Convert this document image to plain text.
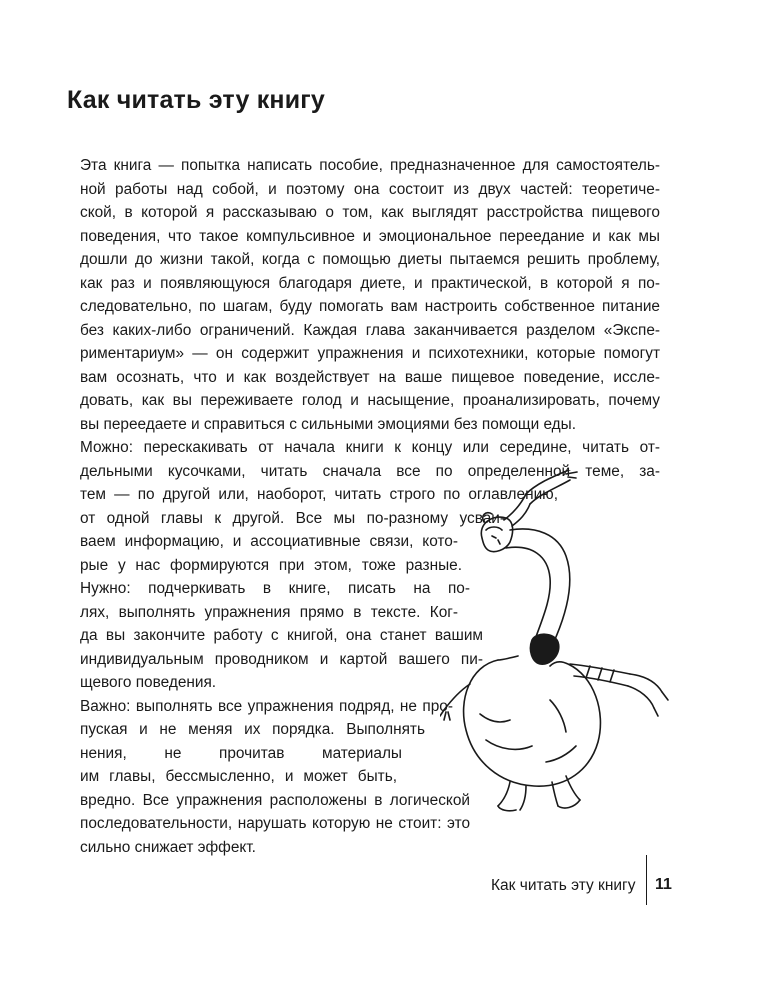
Как читать эту книгу
Эта книга — попытка написать пособие, предназначенное для самостоятель-
ной работы над собой, и поэтому она состоит из двух частей: теоретиче-
ской, в которой я рассказываю о том, как выглядят расстройства пищевого
поведения, что такое компульсивное и эмоциональное переедание и как мы
дошли до жизни такой, когда с помощью диеты пытаемся решить проблему,
как раз и появляющуюся благодаря диете, и практической, в которой я по-
следовательно, по шагам, буду помогать вам настроить собственное питание
без каких-либо ограничений. Каждая глава заканчивается разделом «Экспе-
риментариум» — он содержит упражнения и психотехники, которые помогут
вам осознать, что и как воздействует на ваше пищевое поведение, иссле-
довать, как вы переживаете голод и насыщение, проанализировать, почему
вы переедаете и справиться с сильными эмоциями без помощи еды.
Можно: перескакивать от начала книги к концу или середине, читать от-
дельными кусочками, читать сначала все по определенной теме, за-
тем — по другой или, наоборот, читать строго по оглавлению,
от одной главы к другой. Все мы по-разному усваи-
ваем информацию, и ассоциативные связи, кото-
рые у нас формируются при этом, тоже разные.
Нужно: подчеркивать в книге, писать на по-
лях, выполнять упражнения прямо в тексте. Ког-
да вы закончите работу с книгой, она станет вашим
индивидуальным проводником и картой вашего пи-
щевого поведения.
Важно: выполнять все упражнения подряд, не про-
пуская и не меняя их порядка. Выполнять
нения, не прочитав материалы
им главы, бессмысленно, и может быть,
вредно. Все упражнения расположены в логической
последовательности, нарушать которую не стоит: это
сильно снижает эффект.
Как читать эту книгу 11
